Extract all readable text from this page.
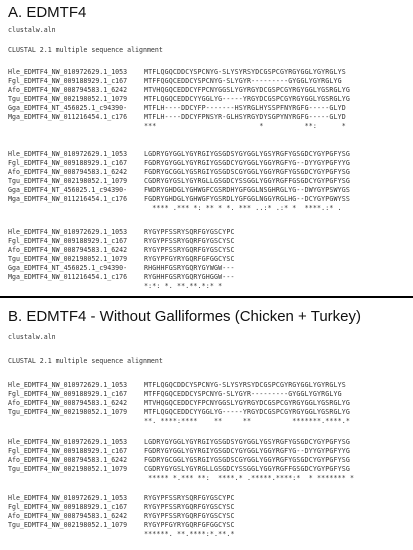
A. EDMTF4
clustalw.aln
CLUSTAL 2.1 multiple sequence alignment
Hle_EDMTF4_NW_010972629.1_1053	MTFLQGQCDDCYSPCNYG-SLYSYRSYDCGSPCGYRGYGGLYGYRGLYS
Fgl_EDMTF4_NW_009188929.1_c167	MTFFQGQCEDDCYSPCNYG-SLYGYR---------GYGGLYGYRGLYG
Afo_EDMTF4_NW_008794583.1_6242	MTVHQGQCEDDCYFPCNYGGSLYGYRGYDCGSPCGYRGYGGLYGSRGLYG
Tgu_EDMTF4_NW_002198052.1_1079	MTFLQGQCEDDCYYGGLYG-----YRGYDCGSPCGYRGYGGLYGSRGLYG
Gga_EDMTF4_NT_456025.1_c94390-	MTFLH----DDCYFP-------HSYRGLHYSSPFNYRGFG-----GLYD
Mga_EDMTF4_NW_011216454.1_c176	MTFLH----DDCYFPNSYR-GLHSYRGYDYSGPYNYRGFG-----GLYD
***                         *          **:      *
Hle_EDMTF4_NW_010972629.1_1053	LGDRYGYGGLYGYRGIYGSGDSYGYGGLYGSYRGFYGSGDCYGYPGFYSG
Fgl_EDMTF4_NW_009188929.1_c167	FGDRYGYGGLYGYRGIYGSGDCYGYGGLYGGYRGFYG--DYYGYPGFYYG
Afo_EDMTF4_NW_008794583.1_6242	FGDRYGCGGLYGSRGIYGSGDSCGYGGLYGGYRGFYGSGDCYGYPGFYSG
Tgu_EDMTF4_NW_002198052.1_1079	CGDRYGYGSLYGYRGLLGSGDCYSSGGLYGGYRGFFGSGDCYGYPGFYSG
Gga_EDMTF4_NT_456025.1_c94390-	FWDRYGHDGLYGHWGFCGSRDHYGFGGLNSGHRGLYG--DWYGYPSWYGS
Mga_EDMTF4_NW_011216454.1_c176	FGDRYGHDGLYGHWGFYGSRDLYGFGGLNGGYRGLHG--DCYGYPGWYSS
**** .*** *: ** * *. *** ..:* .:* *  ****.:* .
Hle_EDMTF4_NW_010972629.1_1053	RYGYPFSSRYSQRFGYGSCYPC
Fgl_EDMTF4_NW_009188929.1_c167	RYGYPFSSRYGQRFGYGSCYSC
Afo_EDMTF4_NW_008794583.1_6242	RYGYPFSSRYGQRFGYGSCYSC
Tgu_EDMTF4_NW_002198052.1_1079	RYGYPFGYRYGQRFGFGGCYSC
Gga_EDMTF4_NT_456025.1_c94390-	RHGHHFGSRYGQRYGYWGW---
Mga_EDMTF4_NW_011216454.1_c176	RYGHHFGSRYGQRYGHGGW---
*:*: *. **.**.*:* *
B. EDMTF4 - Without Galliformes (Chicken + Turkey)
clustalw.aln
CLUSTAL 2.1 multiple sequence alignment
Hle_EDMTF4_NW_010972629.1_1053	MTFLQGQCDDCYSPCNYG-SLYSYRSYDCGSPCGYRGYGGLYGYRGLYS
Fgl_EDMTF4_NW_009188929.1_c167	MTFFQGQCEDDCYSPCNYG-SLYGYR---------GYGGLYGYRGLYG
Afo_EDMTF4_NW_008794583.1_6242	MTVHQGQCEDDCYFPCNYGGSLYGYRGYDCGSPCGYRGYGGLYGSRGLYG
Tgu_EDMTF4_NW_002198052.1_1079	MTFLQGQCEDDCYYGGLYG-----YRGYDCGSPCGYRGYGGLYGSRGLYG
**. ****:****    **     **          *******.****.*
Hle_EDMTF4_NW_010972629.1_1053	LGDRYGYGGLYGYRGIYGSGDSYGYGGLYGSYRGFYGSGDCYGYPGFYSG
Fgl_EDMTF4_NW_009188929.1_c167	FGDRYGYGGLYGYRGIYGSGDCYGYGGLYGGYRGFYG--DYYGYPGFYYG
Afo_EDMTF4_NW_008794583.1_6242	FGDRYGCGGLYGSRGIYGSGDSCGYGGLYGGYRGFYGSGDCYGYPGFYSG
Tgu_EDMTF4_NW_002198052.1_1079	CGDRYGYGSLYGYRGLLGSGDCYSSGGLYGGYRGFFGSGDCYGYPGFYSG
***** *.*** **:  ****.* .*****.****:*  * ******* *
Hle_EDMTF4_NW_010972629.1_1053	RYGYPFSSRYSQRFGYGSCYPC
Fgl_EDMTF4_NW_009188929.1_c167	RYGYPFSSRYGQRFGYGSCYSC
Afo_EDMTF4_NW_008794583.1_6242	RYGYPFSSRYGQRFGYGSCYSC
Tgu_EDMTF4_NW_002198052.1_1079	RYGYPFGYRYGQRFGFGGCYSC
******. **.****:*.**.*
